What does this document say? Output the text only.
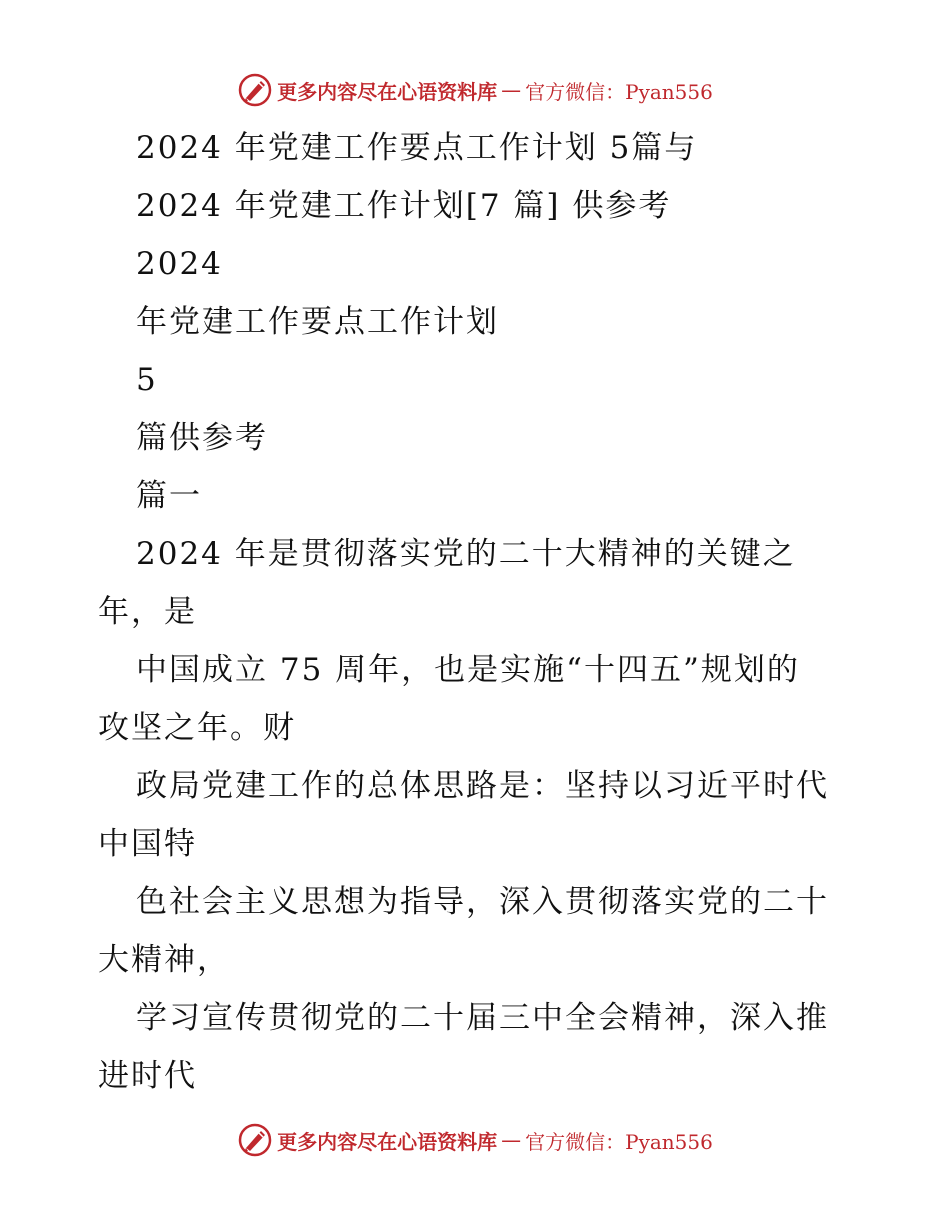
更多内容尽在心语资料库 — 官方微信：Pyan556
2024 年党建工作要点工作计划 5篇与
2024 年党建工作计划[7 篇] 供参考
2024
年党建工作要点工作计划
5
篇供参考
篇一
2024 年是贯彻落实党的二十大精神的关键之
年，是
中国成立 75 周年，也是实施“十四五”规划的
攻坚之年。财
政局党建工作的总体思路是：坚持以习近平时代
中国特
色社会主义思想为指导，深入贯彻落实党的二十
大精神，
学习宣传贯彻党的二十届三中全会精神，深入推
进时代
更多内容尽在心语资料库 — 官方微信：Pyan556
